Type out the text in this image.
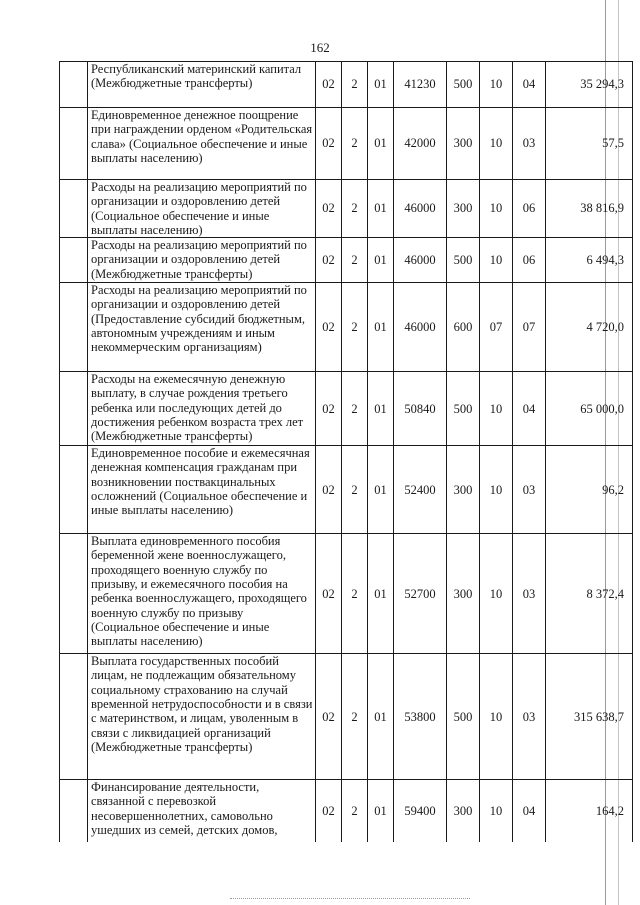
162
	Республиканский материнский капитал (Межбюджетные трансферты)	02	2	01	41230	500	10	04	35 294,3
	Единовременное денежное поощрение при награждении орденом «Родительская слава» (Социальное обеспечение и иные выплаты населению)	02	2	01	42000	300	10	03	57,5
	Расходы на реализацию мероприятий по организации и оздоровлению детей (Социальное обеспечение и иные выплаты населению)	02	2	01	46000	300	10	06	38 816,9
	Расходы на реализацию мероприятий по организации и оздоровлению детей (Межбюджетные трансферты)	02	2	01	46000	500	10	06	6 494,3
	Расходы на реализацию мероприятий по организации и оздоровлению детей (Предоставление субсидий бюджетным, автономным учреждениям и иным некоммерческим организациям)	02	2	01	46000	600	07	07	4 720,0
	Расходы на ежемесячную денежную выплату, в случае рождения третьего ребенка или последующих детей до достижения ребенком возраста трех лет (Межбюджетные трансферты)	02	2	01	50840	500	10	04	65 000,0
	Единовременное пособие и ежемесячная денежная компенсация гражданам при возникновении поствакцинальных осложнений (Социальное обеспечение и иные выплаты населению)	02	2	01	52400	300	10	03	96,2
	Выплата единовременного пособия беременной жене военнослужащего, проходящего военную службу по призыву, и ежемесячного пособия на ребенка военнослужащего, проходящего военную службу по призыву (Социальное обеспечение и иные выплаты населению)	02	2	01	52700	300	10	03	8 372,4
	Выплата государственных пособий лицам, не подлежащим обязательному социальному страхованию на случай временной нетрудоспособности и в связи с материнством, и лицам, уволенным в связи с ликвидацией организаций (Межбюджетные трансферты)	02	2	01	53800	500	10	03	315 638,7
	Финансирование деятельности, связанной с перевозкой несовершеннолетних, самовольно ушедших из семей, детских домов,	02	2	01	59400	300	10	04	164,2
